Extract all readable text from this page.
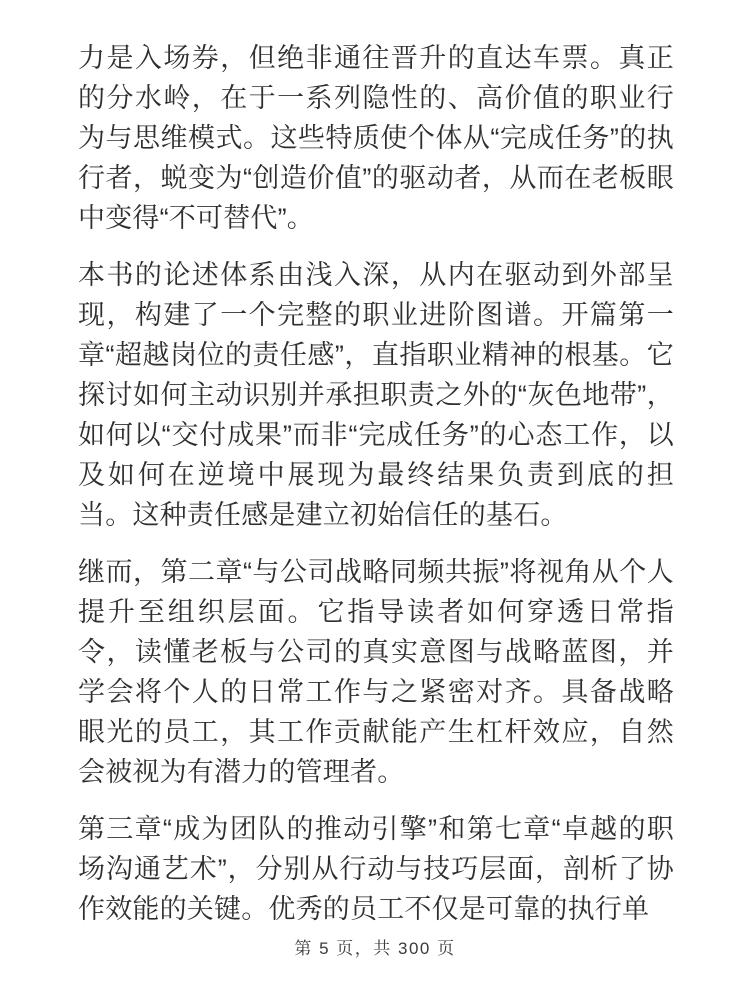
力是入场券，但绝非通往晋升的直达车票。真正的分水岭，在于一系列隐性的、高价值的职业行为与思维模式。这些特质使个体从“完成任务”的执行者，蜕变为“创造价值”的驱动者，从而在老板眼中变得“不可替代”。

本书的论述体系由浅入深，从内在驱动到外部呈现，构建了一个完整的职业进阶图谱。开篇第一章“超越岗位的责任感”，直指职业精神的根基。它探讨如何主动识别并承担职责之外的“灰色地带”，如何以“交付成果”而非“完成任务”的心态工作，以及如何在逆境中展现为最终结果负责到底的担当。这种责任感是建立初始信任的基石。

继而，第二章“与公司战略同频共振”将视角从个人提升至组织层面。它指导读者如何穿透日常指令，读懂老板与公司的真实意图与战略蓝图，并学会将个人的日常工作与之紧密对齐。具备战略眼光的员工，其工作贡献能产生杠杆效应，自然会被视为有潜力的管理者。

第三章“成为团队的推动引擎”和第七章“卓越的职场沟通艺术”，分别从行动与技巧层面，剖析了协作效能的关键。优秀的员工不仅是可靠的执行单

第 5 页，共 300 页
